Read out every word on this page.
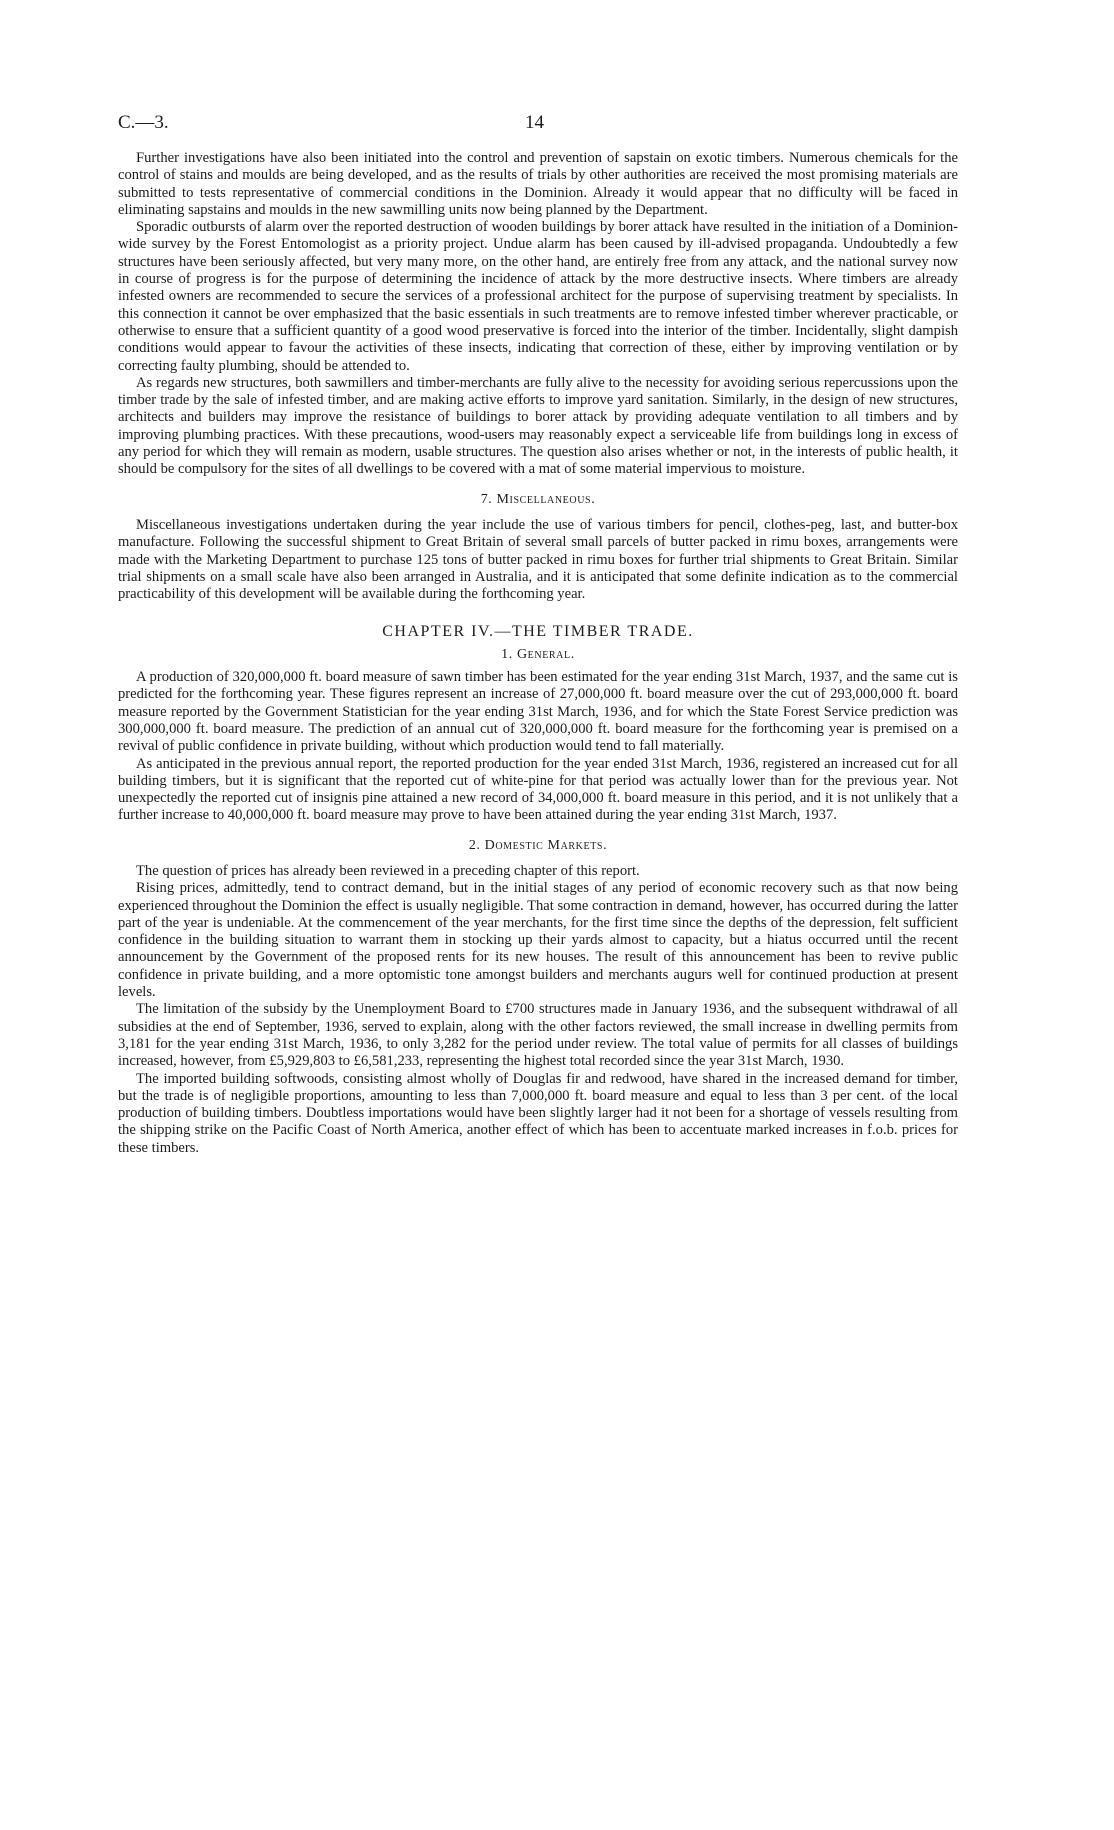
C.—3.	14

Further investigations have also been initiated into the control and prevention of sapstain on exotic timbers. Numerous chemicals for the control of stains and moulds are being developed, and as the results of trials by other authorities are received the most promising materials are submitted to tests representative of commercial conditions in the Dominion. Already it would appear that no difficulty will be faced in eliminating sapstains and moulds in the new sawmilling units now being planned by the Department.

Sporadic outbursts of alarm over the reported destruction of wooden buildings by borer attack have resulted in the initiation of a Dominion-wide survey by the Forest Entomologist as a priority project. Undue alarm has been caused by ill-advised propaganda. Undoubtedly a few structures have been seriously affected, but very many more, on the other hand, are entirely free from any attack, and the national survey now in course of progress is for the purpose of determining the incidence of attack by the more destructive insects. Where timbers are already infested owners are recommended to secure the services of a professional architect for the purpose of supervising treatment by specialists. In this connection it cannot be over emphasized that the basic essentials in such treatments are to remove infested timber wherever practicable, or otherwise to ensure that a sufficient quantity of a good wood preservative is forced into the interior of the timber. Incidentally, slight dampish conditions would appear to favour the activities of these insects, indicating that correction of these, either by improving ventilation or by correcting faulty plumbing, should be attended to.

As regards new structures, both sawmillers and timber-merchants are fully alive to the necessity for avoiding serious repercussions upon the timber trade by the sale of infested timber, and are making active efforts to improve yard sanitation. Similarly, in the design of new structures, architects and builders may improve the resistance of buildings to borer attack by providing adequate ventilation to all timbers and by improving plumbing practices. With these precautions, wood-users may reasonably expect a serviceable life from buildings long in excess of any period for which they will remain as modern, usable structures. The question also arises whether or not, in the interests of public health, it should be compulsory for the sites of all dwellings to be covered with a mat of some material impervious to moisture.

7. Miscellaneous.

Miscellaneous investigations undertaken during the year include the use of various timbers for pencil, clothes-peg, last, and butter-box manufacture. Following the successful shipment to Great Britain of several small parcels of butter packed in rimu boxes, arrangements were made with the Marketing Department to purchase 125 tons of butter packed in rimu boxes for further trial shipments to Great Britain. Similar trial shipments on a small scale have also been arranged in Australia, and it is anticipated that some definite indication as to the commercial practicability of this development will be available during the forthcoming year.

CHAPTER IV.—THE TIMBER TRADE.
1. General.

A production of 320,000,000 ft. board measure of sawn timber has been estimated for the year ending 31st March, 1937, and the same cut is predicted for the forthcoming year. These figures represent an increase of 27,000,000 ft. board measure over the cut of 293,000,000 ft. board measure reported by the Government Statistician for the year ending 31st March, 1936, and for which the State Forest Service prediction was 300,000,000 ft. board measure. The prediction of an annual cut of 320,000,000 ft. board measure for the forthcoming year is premised on a revival of public confidence in private building, without which production would tend to fall materially.

As anticipated in the previous annual report, the reported production for the year ended 31st March, 1936, registered an increased cut for all building timbers, but it is significant that the reported cut of white-pine for that period was actually lower than for the previous year. Not unexpectedly the reported cut of insignis pine attained a new record of 34,000,000 ft. board measure in this period, and it is not unlikely that a further increase to 40,000,000 ft. board measure may prove to have been attained during the year ending 31st March, 1937.

2. Domestic Markets.

The question of prices has already been reviewed in a preceding chapter of this report.

Rising prices, admittedly, tend to contract demand, but in the initial stages of any period of economic recovery such as that now being experienced throughout the Dominion the effect is usually negligible. That some contraction in demand, however, has occurred during the latter part of the year is undeniable. At the commencement of the year merchants, for the first time since the depths of the depression, felt sufficient confidence in the building situation to warrant them in stocking up their yards almost to capacity, but a hiatus occurred until the recent announcement by the Government of the proposed rents for its new houses. The result of this announcement has been to revive public confidence in private building, and a more optomistic tone amongst builders and merchants augurs well for continued production at present levels.

The limitation of the subsidy by the Unemployment Board to £700 structures made in January 1936, and the subsequent withdrawal of all subsidies at the end of September, 1936, served to explain, along with the other factors reviewed, the small increase in dwelling permits from 3,181 for the year ending 31st March, 1936, to only 3,282 for the period under review. The total value of permits for all classes of buildings increased, however, from £5,929,803 to £6,581,233, representing the highest total recorded since the year 31st March, 1930.

The imported building softwoods, consisting almost wholly of Douglas fir and redwood, have shared in the increased demand for timber, but the trade is of negligible proportions, amounting to less than 7,000,000 ft. board measure and equal to less than 3 per cent. of the local production of building timbers. Doubtless importations would have been slightly larger had it not been for a shortage of vessels resulting from the shipping strike on the Pacific Coast of North America, another effect of which has been to accentuate marked increases in f.o.b. prices for these timbers.
